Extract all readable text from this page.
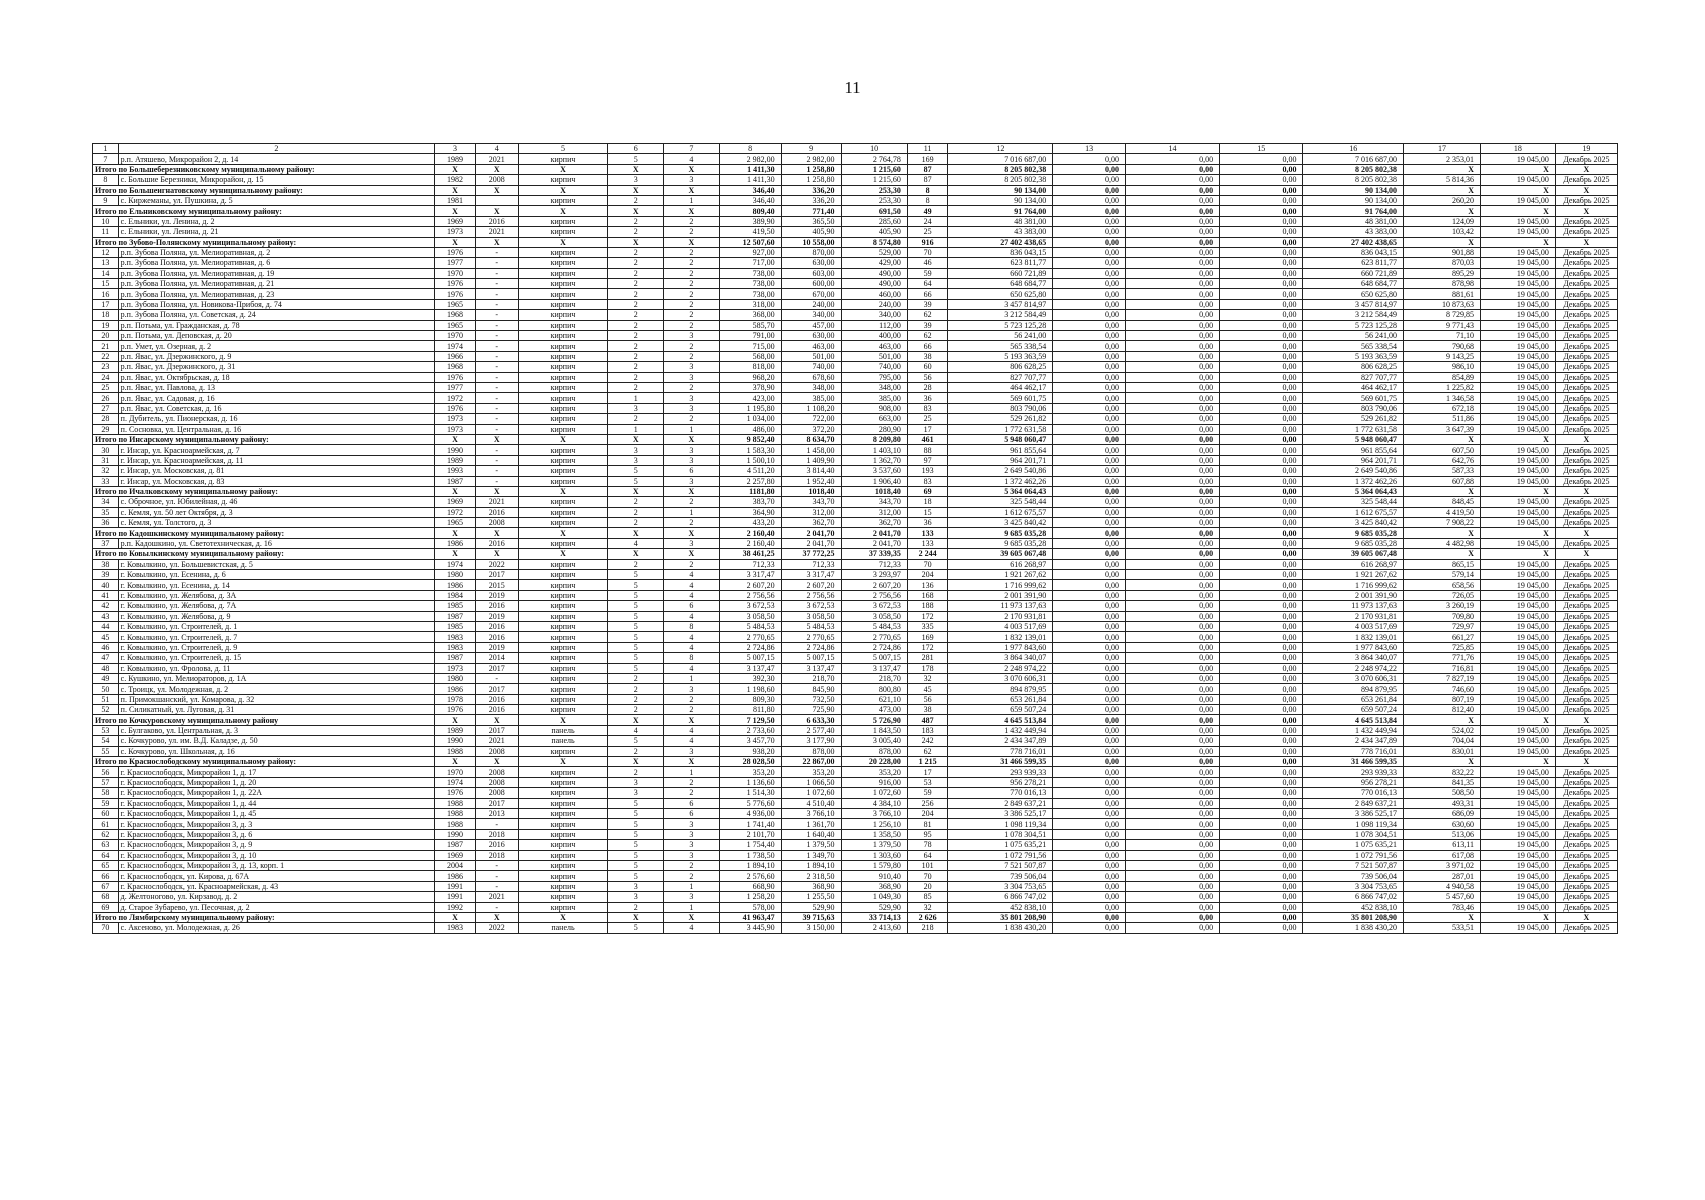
11
1	2	3	4	5	6	7	8	9	10	11	12	13	14	15	16	17	18	19
7	р.п. Атяшево, Микрорайон 2, д. 14	1989	2021	кирпич	5	4	2 982,00	2 982,00	2 764,78	169	7 016 687,00	0,00	0,00	0,00	7 016 687,00	2 353,01	19 045,00	Декабрь 2025
Итого по Большеберезниковскому муниципальному району:		X	X	X	X	X	1 411,30	1 258,80	1 215,60	87	8 205 802,38	0,00	0,00	0,00	8 205 802,38	X	X	X
8	с. Большие Березники, Микрорайон, д. 15	1982	2008	кирпич	3	3	1 411,30	1 258,80	1 215,60	87	8 205 802,38	0,00	0,00	0,00	8 205 802,38	5 814,36	19 045,00	Декабрь 2025
Итого по Большеигнатовскому муниципальному району:		X	X	X	X	X	346,40	336,20	253,30	8	90 134,00	0,00	0,00	0,00	90 134,00	X	X	X
9	с. Киржеманы, ул. Пушкина, д. 5	1981		кирпич	2	1	346,40	336,20	253,30	8	90 134,00	0,00	0,00	0,00	90 134,00	260,20	19 045,00	Декабрь 2025
Итого по Ельниковскому муниципальному району:		X	X	X	X	X	809,40	771,40	691,50	49	91 764,00	0,00	0,00	0,00	91 764,00	X	X	X
10	с. Ельники, ул. Ленина, д. 2	1969	2016	кирпич	2	2	389,90	365,50	285,60	24	48 381,00	0,00	0,00	0,00	48 381,00	124,09	19 045,00	Декабрь 2025
11	с. Ельники, ул. Ленина, д. 21	1973	2021	кирпич	2	2	419,50	405,90	405,90	25	43 383,00	0,00	0,00	0,00	43 383,00	103,42	19 045,00	Декабрь 2025
Итого по Зубово-Полянскому муниципальному району:		X	X	X	X	X	12 507,60	10 558,00	8 574,80	916	27 402 438,65	0,00	0,00	0,00	27 402 438,65	X	X	X
12	р.п. Зубова Поляна, ул. Мелиоративная, д. 2	1976	-	кирпич	2	2	927,00	870,00	529,00	70	836 043,15	0,00	0,00	0,00	836 043,15	901,88	19 045,00	Декабрь 2025
13	р.п. Зубова Поляна, ул. Мелиоративная, д. 6	1977	-	кирпич	2	2	717,00	630,00	429,00	46	623 811,77	0,00	0,00	0,00	623 811,77	870,03	19 045,00	Декабрь 2025
14	р.п. Зубова Поляна, ул. Мелиоративная, д. 19	1970	-	кирпич	2	2	738,00	603,00	490,00	59	660 721,89	0,00	0,00	0,00	660 721,89	895,29	19 045,00	Декабрь 2025
15	р.п. Зубова Поляна, ул. Мелиоративная, д. 21	1976	-	кирпич	2	2	738,00	600,00	490,00	64	648 684,77	0,00	0,00	0,00	648 684,77	878,98	19 045,00	Декабрь 2025
16	р.п. Зубова Поляна, ул. Мелиоративная, д. 23	1976	-	кирпич	2	2	738,00	670,00	460,00	66	650 625,80	0,00	0,00	0,00	650 625,80	881,61	19 045,00	Декабрь 2025
17	р.п. Зубова Поляна, ул. Новикова-Прибоя, д. 74	1965	-	кирпич	2	2	318,00	240,00	240,00	39	3 457 814,97	0,00	0,00	0,00	3 457 814,97	10 873,63	19 045,00	Декабрь 2025
18	р.п. Зубова Поляна, ул. Советская, д. 24	1968	-	кирпич	2	2	368,00	340,00	340,00	62	3 212 584,49	0,00	0,00	0,00	3 212 584,49	8 729,85	19 045,00	Декабрь 2025
19	р.п. Потьма, ул. Гражданская, д. 78	1965	-	кирпич	2	2	585,70	457,00	112,00	39	5 723 125,28	0,00	0,00	0,00	5 723 125,28	9 771,43	19 045,00	Декабрь 2025
20	р.п. Потьма, ул. Деповская, д. 20	1970	-	кирпич	2	3	791,00	630,00	400,00	62	56 241,00	0,00	0,00	0,00	56 241,00	71,10	19 045,00	Декабрь 2025
21	р.п. Умет, ул. Озерная, д. 2	1974	-	кирпич	2	2	715,00	463,00	463,00	66	565 338,54	0,00	0,00	0,00	565 338,54	790,68	19 045,00	Декабрь 2025
22	р.п. Явас, ул. Дзержинского, д. 9	1966	-	кирпич	2	2	568,00	501,00	501,00	38	5 193 363,59	0,00	0,00	0,00	5 193 363,59	9 143,25	19 045,00	Декабрь 2025
23	р.п. Явас, ул. Дзержинского, д. 31	1968	-	кирпич	2	3	818,00	740,00	740,00	60	806 628,25	0,00	0,00	0,00	806 628,25	986,10	19 045,00	Декабрь 2025
24	р.п. Явас, ул. Октябрьская, д. 18	1976	-	кирпич	2	3	968,20	678,60	795,00	56	827 707,77	0,00	0,00	0,00	827 707,77	854,89	19 045,00	Декабрь 2025
25	р.п. Явас, ул. Павлова, д. 13	1977	-	кирпич	2	2	378,90	348,00	348,00	28	464 462,17	0,00	0,00	0,00	464 462,17	1 225,82	19 045,00	Декабрь 2025
26	р.п. Явас, ул. Садовая, д. 16	1972	-	кирпич	1	3	423,00	385,00	385,00	36	569 601,75	0,00	0,00	0,00	569 601,75	1 346,58	19 045,00	Декабрь 2025
27	р.п. Явас, ул. Советская, д. 16	1976	-	кирпич	3	3	1 195,80	1 108,20	908,00	83	803 790,06	0,00	0,00	0,00	803 790,06	672,18	19 045,00	Декабрь 2025
28	п. Дубитель, ул. Пионерская, д. 16	1973	-	кирпич	2	2	1 034,00	722,00	663,00	25	529 261,82	0,00	0,00	0,00	529 261,82	511,86	19 045,00	Декабрь 2025
29	п. Сосновка, ул. Центральная, д. 16	1973	-	кирпич	1	1	486,00	372,20	280,90	17	1 772 631,58	0,00	0,00	0,00	1 772 631,58	3 647,39	19 045,00	Декабрь 2025
Итого по Инсарскому муниципальному району:		X	X	X	X	X	9 852,40	8 634,70	8 209,80	461	5 948 060,47	0,00	0,00	0,00	5 948 060,47	X	X	X
30	г. Инсар, ул. Красноармейская, д. 7	1990	-	кирпич	3	3	1 583,30	1 458,00	1 403,10	88	961 855,64	0,00	0,00	0,00	961 855,64	607,50	19 045,00	Декабрь 2025
31	г. Инсар, ул. Красноармейская, д. 11	1989	-	кирпич	3	3	1 500,10	1 409,90	1 362,70	97	964 201,71	0,00	0,00	0,00	964 201,71	642,76	19 045,00	Декабрь 2025
32	г. Инсар, ул. Московская, д. 81	1993	-	кирпич	5	6	4 511,20	3 814,40	3 537,60	193	2 649 540,86	0,00	0,00	0,00	2 649 540,86	587,33	19 045,00	Декабрь 2025
33	г. Инсар, ул. Московская, д. 83	1987	-	кирпич	5	3	2 257,80	1 952,40	1 906,40	83	1 372 462,26	0,00	0,00	0,00	1 372 462,26	607,88	19 045,00	Декабрь 2025
Итого по Ичалковскому муниципальному району:		X	X	X	X	X	1181,80	1018,40	1018,40	69	5 364 064,43	0,00	0,00	0,00	5 364 064,43	X	X	X
34	с. Оброчное, ул. Юбилейная, д. 46	1969	2021	кирпич	2	2	383,70	343,70	343,70	18	325 548,44	0,00	0,00	0,00	325 548,44	848,45	19 045,00	Декабрь 2025
35	с. Кемля, ул. 50 лет Октября, д. 3	1972	2016	кирпич	2	1	364,90	312,00	312,00	15	1 612 675,57	0,00	0,00	0,00	1 612 675,57	4 419,50	19 045,00	Декабрь 2025
36	с. Кемля, ул. Толстого, д. 3	1965	2008	кирпич	2	2	433,20	362,70	362,70	36	3 425 840,42	0,00	0,00	0,00	3 425 840,42	7 908,22	19 045,00	Декабрь 2025
Итого по Кадошкинскому муниципальному району:		X	X	X	X	X	2 160,40	2 041,70	2 041,70	133	9 685 035,28	0,00	0,00	0,00	9 685 035,28	X	X	X
37	р.п. Кадошкино, ул. Светотехническая, д. 16	1986	2016	кирпич	4	3	2 160,40	2 041,70	2 041,70	133	9 685 035,28	0,00	0,00	0,00	9 685 035,28	4 482,98	19 045,00	Декабрь 2025
Итого по Ковылкинскому муниципальному району:		X	X	X	X	X	38 461,25	37 772,25	37 339,35	2 244	39 605 067,48	0,00	0,00	0,00	39 605 067,48	X	X	X
38	г. Ковылкино, ул. Большевистская, д. 5	1974	2022	кирпич	2	2	712,33	712,33	712,33	70	616 268,97	0,00	0,00	0,00	616 268,97	865,15	19 045,00	Декабрь 2025
39	г. Ковылкино, ул. Есенина, д. 6	1980	2017	кирпич	5	4	3 317,47	3 317,47	3 293,97	204	1 921 267,62	0,00	0,00	0,00	1 921 267,62	579,14	19 045,00	Декабрь 2025
40	г. Ковылкино, ул. Есенина, д. 14	1986	2015	кирпич	5	4	2 607,20	2 607,20	2 607,20	136	1 716 999,62	0,00	0,00	0,00	1 716 999,62	658,56	19 045,00	Декабрь 2025
41	г. Ковылкино, ул. Желябова, д. 3А	1984	2019	кирпич	5	4	2 756,56	2 756,56	2 756,56	168	2 001 391,90	0,00	0,00	0,00	2 001 391,90	726,05	19 045,00	Декабрь 2025
42	г. Ковылкино, ул. Желябова, д. 7А	1985	2016	кирпич	5	6	3 672,53	3 672,53	3 672,53	188	11 973 137,63	0,00	0,00	0,00	11 973 137,63	3 260,19	19 045,00	Декабрь 2025
43	г. Ковылкино, ул. Желябова, д. 9	1987	2019	кирпич	5	4	3 058,50	3 058,50	3 058,50	172	2 170 931,81	0,00	0,00	0,00	2 170 931,81	709,80	19 045,00	Декабрь 2025
44	г. Ковылкино, ул. Строителей, д. 1	1985	2016	кирпич	5	8	5 484,53	5 484,53	5 484,53	335	4 003 517,69	0,00	0,00	0,00	4 003 517,69	729,97	19 045,00	Декабрь 2025
45	г. Ковылкино, ул. Строителей, д. 7	1983	2016	кирпич	5	4	2 770,65	2 770,65	2 770,65	169	1 832 139,01	0,00	0,00	0,00	1 832 139,01	661,27	19 045,00	Декабрь 2025
46	г. Ковылкино, ул. Строителей, д. 9	1983	2019	кирпич	5	4	2 724,86	2 724,86	2 724,86	172	1 977 843,60	0,00	0,00	0,00	1 977 843,60	725,85	19 045,00	Декабрь 2025
47	г. Ковылкино, ул. Строителей, д. 15	1987	2014	кирпич	5	8	5 007,15	5 007,15	5 007,15	281	3 864 340,07	0,00	0,00	0,00	3 864 340,07	771,76	19 045,00	Декабрь 2025
48	г. Ковылкино, ул. Фролова, д. 11	1973	2017	кирпич	5	4	3 137,47	3 137,47	3 137,47	178	2 248 974,22	0,00	0,00	0,00	2 248 974,22	716,81	19 045,00	Декабрь 2025
49	с. Кушкино, ул. Мелиораторов, д. 1А	1980	-	кирпич	2	1	392,30	218,70	218,70	32	3 070 606,31	0,00	0,00	0,00	3 070 606,31	7 827,19	19 045,00	Декабрь 2025
50	с. Троицк, ул. Молодежная, д. 2	1986	2017	кирпич	2	3	1 198,60	845,90	800,80	45	894 879,95	0,00	0,00	0,00	894 879,95	746,60	19 045,00	Декабрь 2025
51	п. Примокшанский, ул. Комарова, д. 32	1978	2016	кирпич	2	2	809,30	732,50	621,10	56	653 261,84	0,00	0,00	0,00	653 261,84	807,19	19 045,00	Декабрь 2025
52	п. Силикатный, ул. Луговая, д. 31	1976	2016	кирпич	2	2	811,80	725,90	473,00	38	659 507,24	0,00	0,00	0,00	659 507,24	812,40	19 045,00	Декабрь 2025
Итого по Кочкуровскому муниципальному району		X	X	X	X	X	7 129,50	6 633,30	5 726,90	487	4 645 513,84	0,00	0,00	0,00	4 645 513,84	X	X	X
53	с. Булгаково, ул. Центральная, д. 3	1989	2017	панель	4	4	2 733,60	2 577,40	1 843,50	183	1 432 449,94	0,00	0,00	0,00	1 432 449,94	524,02	19 045,00	Декабрь 2025
54	с. Кочкурово, ул. им. В.Д. Каладзе, д. 50	1990	2021	панель	5	4	3 457,70	3 177,90	3 005,40	242	2 434 347,89	0,00	0,00	0,00	2 434 347,89	704,04	19 045,00	Декабрь 2025
55	с. Кочкурово, ул. Школьная, д. 16	1988	2008	кирпич	2	3	938,20	878,00	878,00	62	778 716,01	0,00	0,00	0,00	778 716,01	830,01	19 045,00	Декабрь 2025
Итого по Краснослободскому муниципальному району:		X	X	X	X	X	28 028,50	22 867,00	20 228,00	1 215	31 466 599,35	0,00	0,00	0,00	31 466 599,35	X	X	X
56	г. Краснослободск, Микрорайон 1, д. 17	1970	2008	кирпич	2	1	353,20	353,20	353,20	17	293 939,33	0,00	0,00	0,00	293 939,33	832,22	19 045,00	Декабрь 2025
57	г. Краснослободск, Микрорайон 1, д. 20	1974	2008	кирпич	3	2	1 136,60	1 066,50	916,00	53	956 278,21	0,00	0,00	0,00	956 278,21	841,35	19 045,00	Декабрь 2025
58	г. Краснослободск, Микрорайон 1, д. 22А	1976	2008	кирпич	3	2	1 514,30	1 072,60	1 072,60	59	770 016,13	0,00	0,00	0,00	770 016,13	508,50	19 045,00	Декабрь 2025
59	г. Краснослободск, Микрорайон 1, д. 44	1988	2017	кирпич	5	6	5 776,60	4 510,40	4 384,10	256	2 849 637,21	0,00	0,00	0,00	2 849 637,21	493,31	19 045,00	Декабрь 2025
60	г. Краснослободск, Микрорайон 1, д. 45	1988	2013	кирпич	5	6	4 936,00	3 766,10	3 766,10	204	3 386 525,17	0,00	0,00	0,00	3 386 525,17	686,09	19 045,00	Декабрь 2025
61	г. Краснослободск, Микрорайон 3, д. 3	1988	-	кирпич	5	3	1 741,40	1 361,70	1 256,10	81	1 098 119,34	0,00	0,00	0,00	1 098 119,34	630,60	19 045,00	Декабрь 2025
62	г. Краснослободск, Микрорайон 3, д. 6	1990	2018	кирпич	5	3	2 101,70	1 640,40	1 358,50	95	1 078 304,51	0,00	0,00	0,00	1 078 304,51	513,06	19 045,00	Декабрь 2025
63	г. Краснослободск, Микрорайон 3, д. 9	1987	2016	кирпич	5	3	1 754,40	1 379,50	1 379,50	78	1 075 635,21	0,00	0,00	0,00	1 075 635,21	613,11	19 045,00	Декабрь 2025
64	г. Краснослободск, Микрорайон 3, д. 10	1969	2018	кирпич	5	3	1 738,50	1 349,70	1 303,60	64	1 072 791,56	0,00	0,00	0,00	1 072 791,56	617,08	19 045,00	Декабрь 2025
65	г. Краснослободск, Микрорайон 3, д. 13, корп. 1	2004	-	кирпич	5	2	1 894,10	1 894,10	1 579,80	101	7 521 507,87	0,00	0,00	0,00	7 521 507,87	3 971,02	19 045,00	Декабрь 2025
66	г. Краснослободск, ул. Кирова, д. 67А	1986	-	кирпич	5	2	2 576,60	2 318,50	910,40	70	739 506,04	0,00	0,00	0,00	739 506,04	287,01	19 045,00	Декабрь 2025
67	г. Краснослободск, ул. Красноармейская, д. 43	1991	-	кирпич	3	1	668,90	368,90	368,90	20	3 304 753,65	0,00	0,00	0,00	3 304 753,65	4 940,58	19 045,00	Декабрь 2025
68	д. Желтоногово, ул. Кирзавод, д. 2	1991	2021	кирпич	3	3	1 258,20	1 255,50	1 049,30	85	6 866 747,02	0,00	0,00	0,00	6 866 747,02	5 457,60	19 045,00	Декабрь 2025
69	д. Старое Зубарево, ул. Песочная, д. 2	1992	-	кирпич	2	1	578,00	529,90	529,90	32	452 838,10	0,00	0,00	0,00	452 838,10	783,46	19 045,00	Декабрь 2025
Итого по Лямбирскому муниципальному району:		X	X	X	X	X	41 963,47	39 715,63	33 714,13	2 626	35 801 208,90	0,00	0,00	0,00	35 801 208,90	X	X	X
70	с. Аксеново, ул. Молодежная, д. 26	1983	2022	панель	5	4	3 445,90	3 150,00	2 413,60	218	1 838 430,20	0,00	0,00	0,00	1 838 430,20	533,51	19 045,00	Декабрь 2025
